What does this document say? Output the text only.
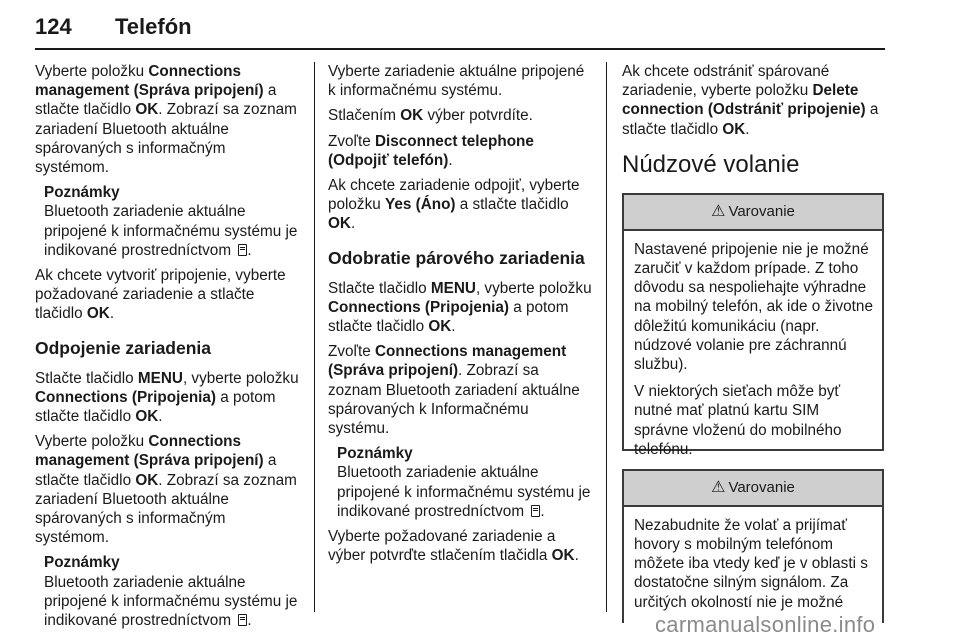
124 Telefón

Vyberte položku Connections management (Správa pripojení) a stlačte tlačidlo OK. Zobrazí sa zoznam zariadení Bluetooth aktuálne spárovaných s informačným systémom.

Poznámky
Bluetooth zariadenie aktuálne pripojené k informačnému systému je indikované prostredníctvom .

Ak chcete vytvoriť pripojenie, vyberte požadované zariadenie a stlačte tlačidlo OK.

Odpojenie zariadenia

Stlačte tlačidlo MENU, vyberte položku Connections (Pripojenia) a potom stlačte tlačidlo OK.

Vyberte položku Connections management (Správa pripojení) a stlačte tlačidlo OK. Zobrazí sa zoznam zariadení Bluetooth aktuálne spárovaných s informačným systémom.

Poznámky
Bluetooth zariadenie aktuálne pripojené k informačnému systému je indikované prostredníctvom .

Vyberte zariadenie aktuálne pripojené k informačnému systému.

Stlačením OK výber potvrdíte.

Zvoľte Disconnect telephone (Odpojiť telefón).

Ak chcete zariadenie odpojiť, vyberte položku Yes (Áno) a stlačte tlačidlo OK.

Odobratie párového zariadenia

Stlačte tlačidlo MENU, vyberte položku Connections (Pripojenia) a potom stlačte tlačidlo OK.

Zvoľte Connections management (Správa pripojení). Zobrazí sa zoznam Bluetooth zariadení aktuálne spárovaných k Informačnému systému.

Poznámky
Bluetooth zariadenie aktuálne pripojené k informačnému systému je indikované prostredníctvom .

Vyberte požadované zariadenie a výber potvrďte stlačením tlačidla OK.

Ak chcete odstrániť spárované zariadenie, vyberte položku Delete connection (Odstrániť pripojenie) a stlačte tlačidlo OK.

Núdzové volanie
⚠ Varovanie

Nastavené pripojenie nie je možné zaručiť v každom prípade. Z toho dôvodu sa nespoliehajte výhradne na mobilný telefón, ak ide o životne dôležitú komunikáciu (napr. núdzové volanie pre záchrannú službu).

V niektorých sieťach môže byť nutné mať platnú kartu SIM správne vloženú do mobilného telefónu.

⚠ Varovanie

Nezabudnite že volať a prijímať hovory s mobilným telefónom môžete iba vtedy keď je v oblasti s dostatočne silným signálom. Za určitých okolností nie je možné

carmanualsonline.info
